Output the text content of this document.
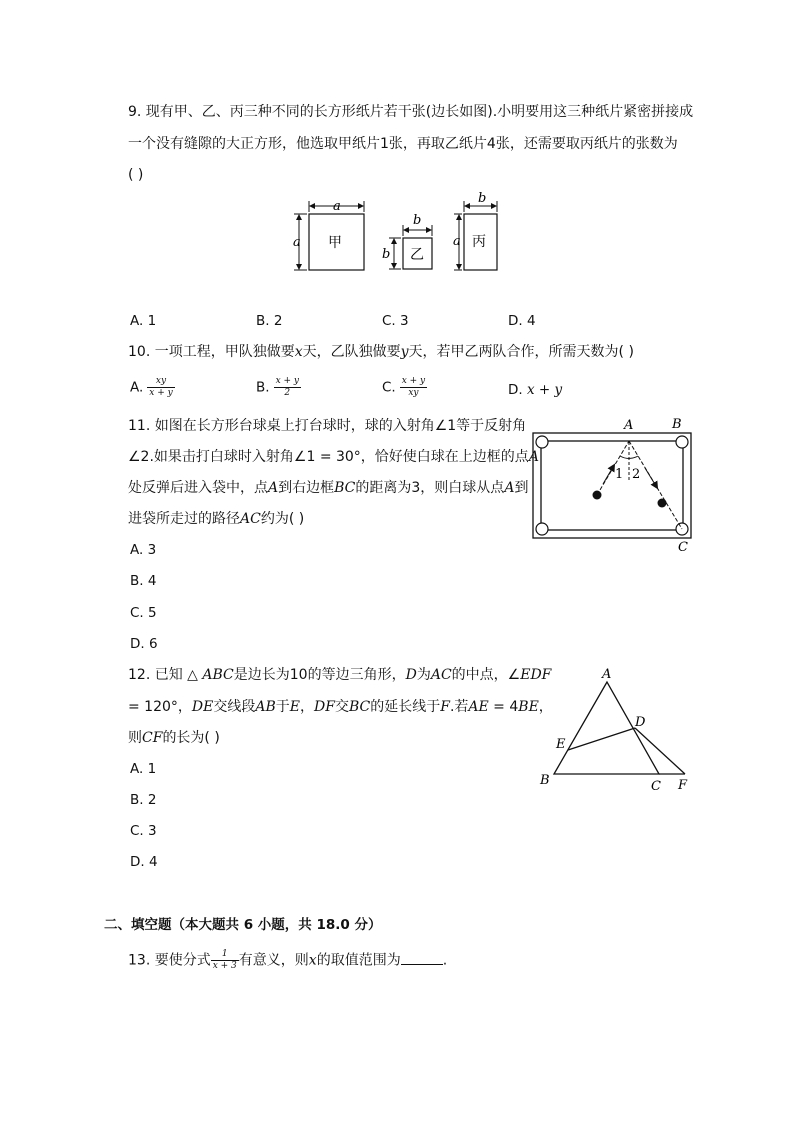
9. 现有甲、乙、丙三种不同的长方形纸片若干张(边长如图).小明要用这三种纸片紧密拼接成
一个没有缝隙的大正方形，他选取甲纸片1张，再取乙纸片4张，还需要取丙纸片的张数为
( )
a
a 甲
b
b 乙
b
a 丙
A. 1	B. 2	C. 3	D. 4
10. 一项工程，甲队独做要x天，乙队独做要y天，若甲乙两队合作，所需天数为( )
A. $\frac{xy}{x + y}$	B. $\frac{x + y}{2}$	C. $\frac{x + y}{xy}$	D. x + y
11. 如图在长方形台球桌上打台球时，球的入射角∠1等于反射角
∠2.如果击打白球时入射角∠1 = 30°，恰好使白球在上边框的点A
处反弹后进入袋中，点A到右边框BC的距离为3，则白球从点A到
进袋所走过的路径AC约为( )
A	B
C
1 2
A. 3
B. 4
C. 5
D. 6
12. 已知 △ ABC是边长为10的等边三角形，D为AC的中点，∠EDF
= 120°，DE交线段AB于E，DF交BC的延长线于F.若AE = 4BE，
则CF的长为( )
A
B	C
D
E
F
A. 1
B. 2
C. 3
D. 4
二、填空题（本大题共 6 小题，共 18.0 分）
13. 要使分式 $\frac{1}{x + 3}$ 有意义，则x的取值范围为	.
